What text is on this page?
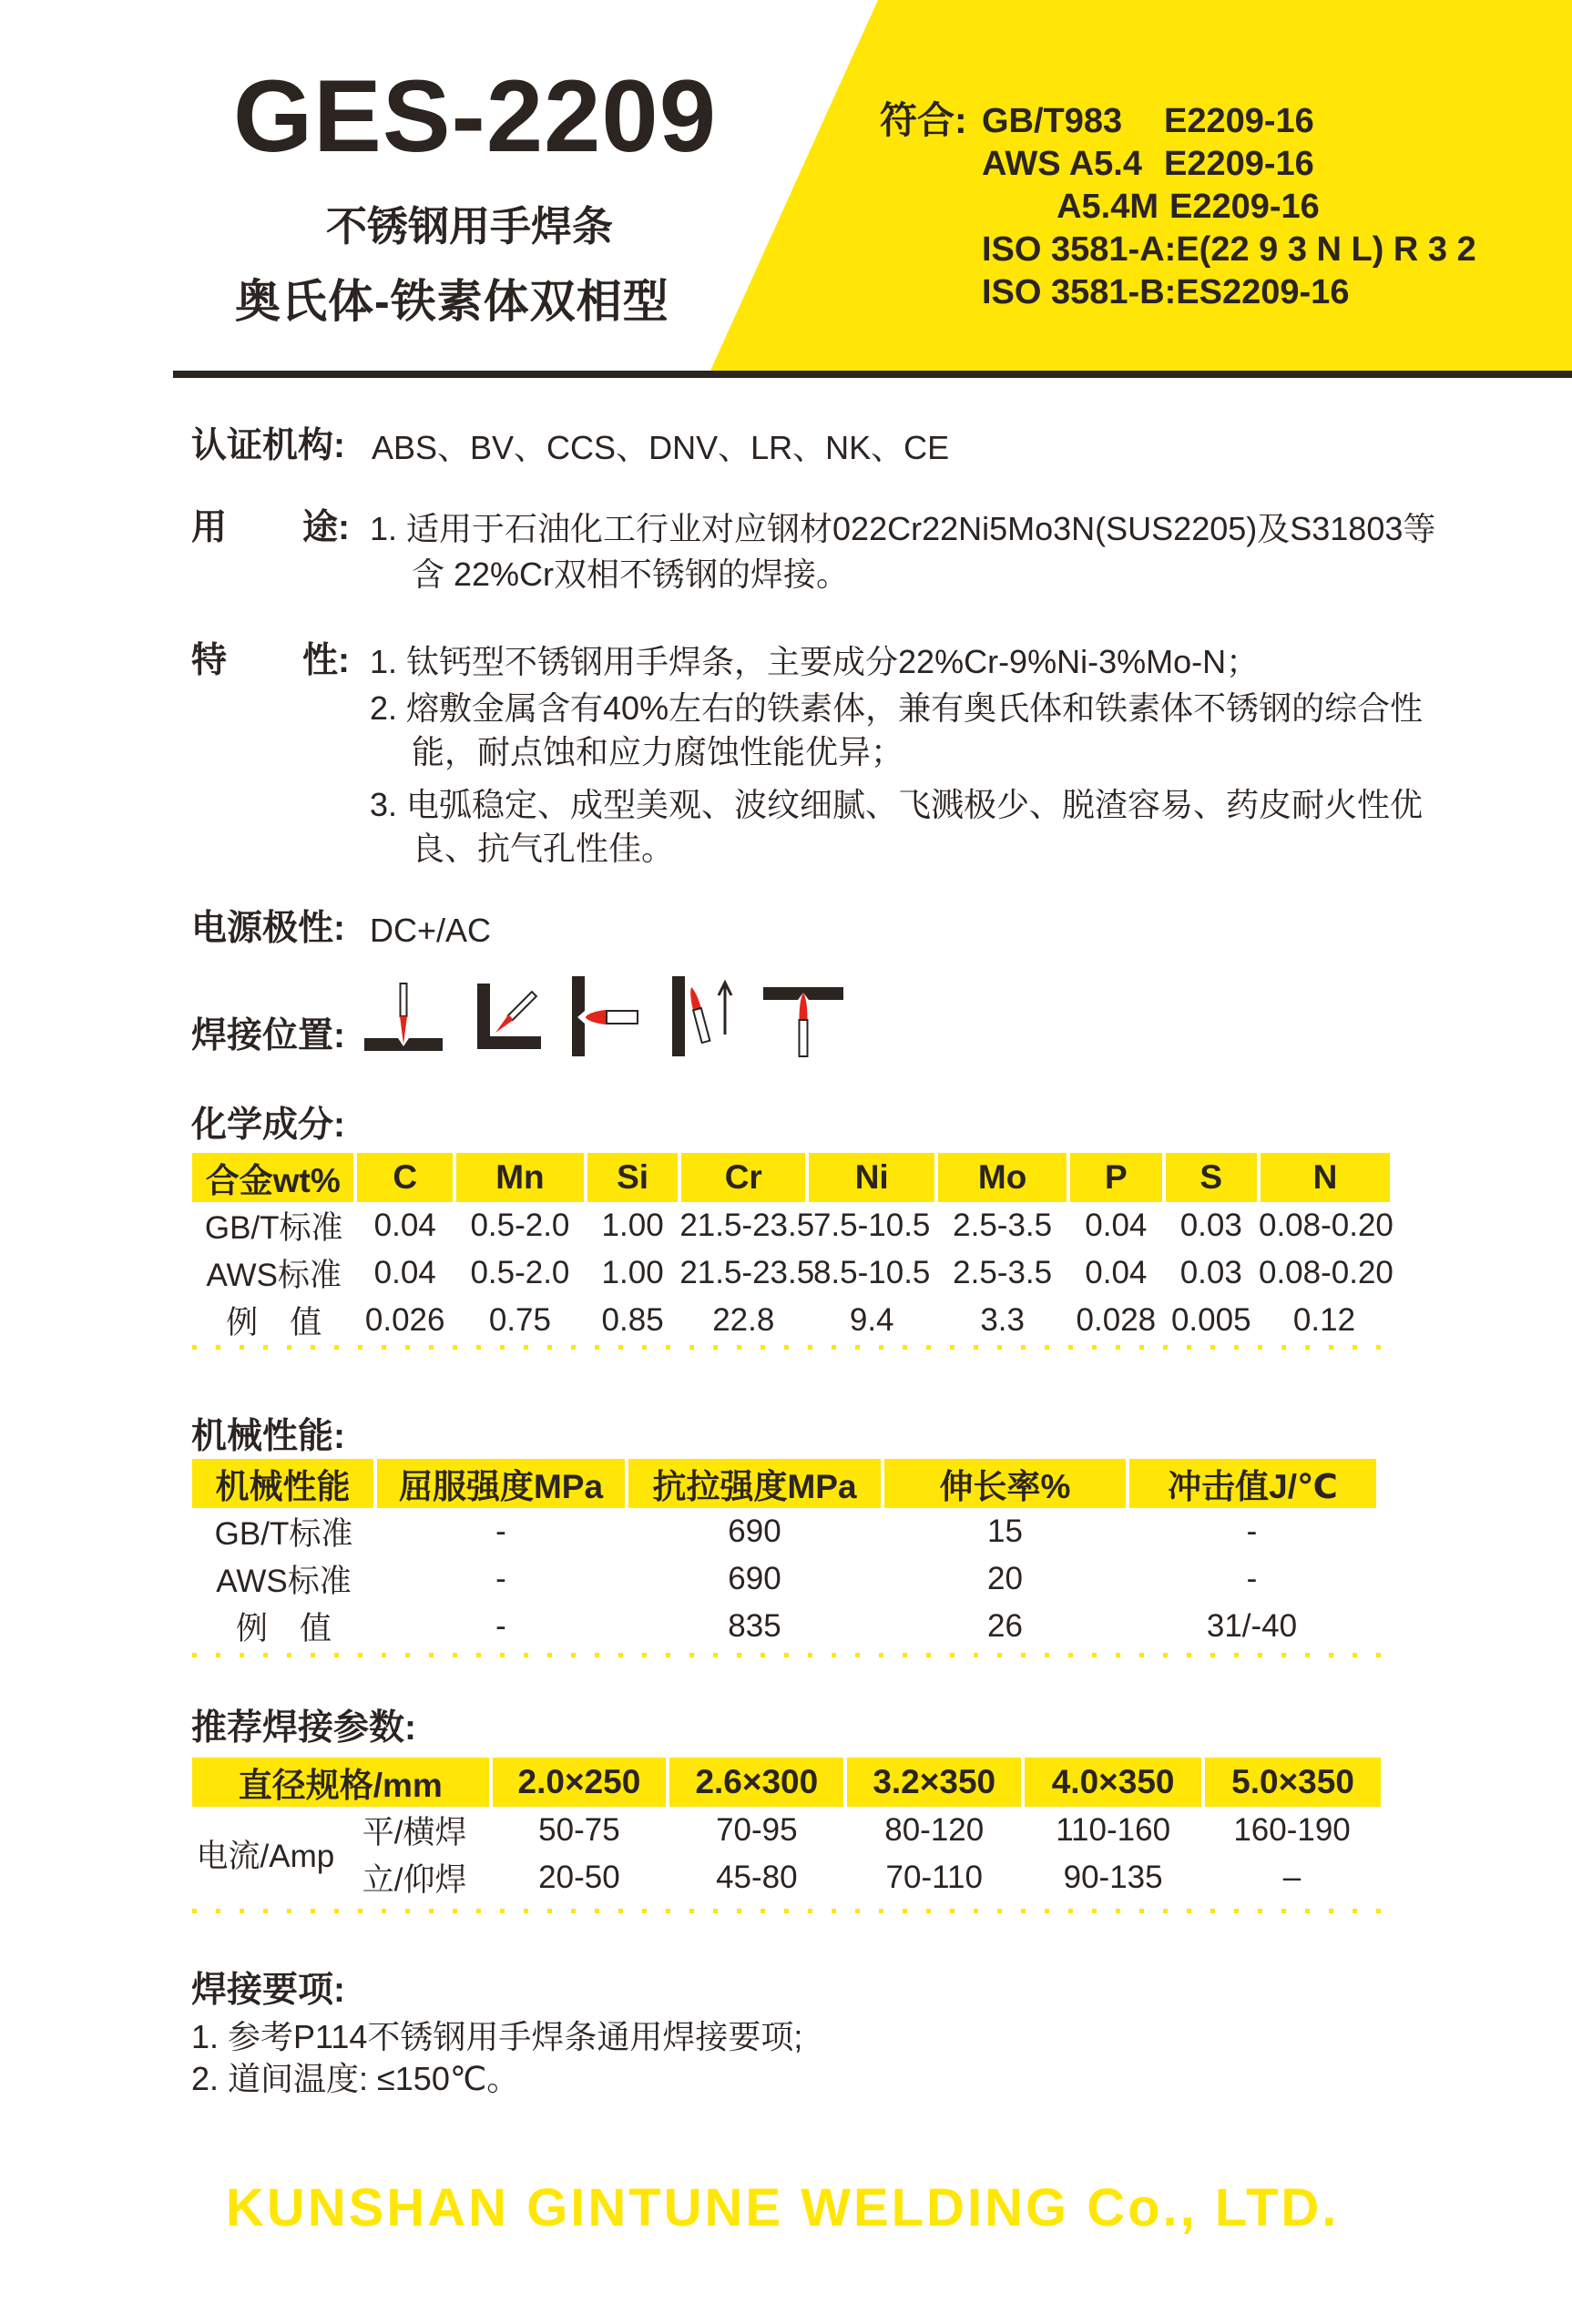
GES-2209
不锈钢用手焊条
奥氏体-铁素体双相型
符合: GB/T983	E2209-16
AWS A5.4 E2209-16
A5.4M E2209-16
ISO 3581-A:E(22 9 3 N L) R 3 2
ISO 3581-B:ES2209-16
认证机构: ABS、BV、CCS、DNV、LR、NK、CE
用 途: 1. 适用于石油化工行业对应钢材022Cr22Ni5Mo3N(SUS2205)及S31803等
含 22%Cr双相不锈钢的焊接。
特 性: 1. 钛钙型不锈钢用手焊条，主要成分22%Cr-9%Ni-3%Mo-N；
2. 熔敷金属含有40%左右的铁素体，兼有奥氏体和铁素体不锈钢的综合性
能，耐点蚀和应力腐蚀性能优异；
3. 电弧稳定、成型美观、波纹细腻、飞溅极少、脱渣容易、药皮耐火性优
良、抗气孔性佳。
电源极性: DC+/AC
焊接位置:
化学成分:
合金wt%	C	Mn	Si	Cr	Ni	Mo	P	S	N
GB/T标准	0.04	0.5-2.0	1.00	21.5-23.5	7.5-10.5	2.5-3.5	0.04	0.03	0.08-0.20
AWS标准	0.04	0.5-2.0	1.00	21.5-23.5	8.5-10.5	2.5-3.5	0.04	0.03	0.08-0.20
例　值	0.026	0.75	0.85	22.8	9.4	3.3	0.028	0.005	0.12
机械性能:
机械性能	屈服强度MPa	抗拉强度MPa	伸长率%	冲击值J/℃
GB/T标准	-	690	15	-
AWS标准	-	690	20	-
例　值	-	835	26	31/-40
推荐焊接参数:
直径规格/mm		2.0×250	2.6×300	3.2×350	4.0×350	5.0×350
电流/Amp	平/横焊	50-75	70-95	80-120	110-160	160-190
	立/仰焊	20-50	45-80	70-110	90-135	–
焊接要项:
1. 参考P114不锈钢用手焊条通用焊接要项;
2. 道间温度: ≤150℃。
KUNSHAN GINTUNE WELDING Co., LTD.
